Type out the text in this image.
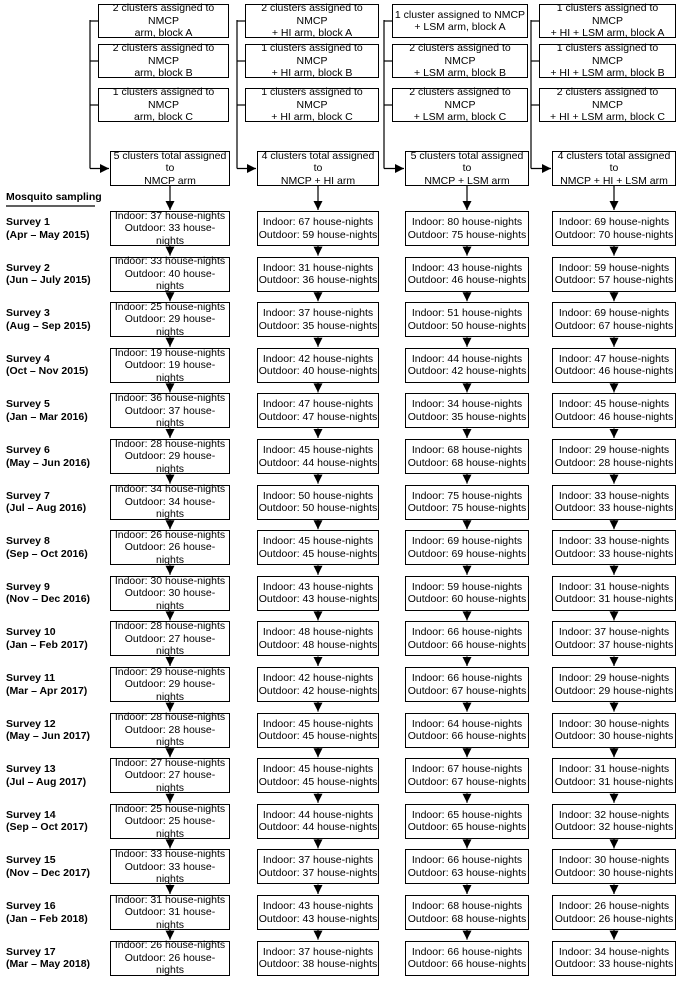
Mosquito sampling
2 clusters assigned to NMCP
arm, block A
2 clusters assigned to NMCP
arm, block B
1 clusters assigned to NMCP
arm, block C
5 clusters total assigned to
NMCP arm
2 clusters assigned to NMCP
+ HI arm, block A
1 clusters assigned to NMCP
+ HI arm, block B
1 clusters assigned to NMCP
+ HI arm, block C
4 clusters total assigned to
NMCP + HI arm
1 cluster assigned to NMCP
+ LSM arm, block A
2 clusters assigned to NMCP
+ LSM arm, block B
2 clusters assigned to NMCP
+ LSM arm, block C
5 clusters total assigned to
NMCP + LSM arm
1 clusters assigned to NMCP
+ HI + LSM arm, block A
1 clusters assigned to NMCP
+ HI + LSM arm, block B
2 clusters assigned to NMCP
+ HI + LSM arm, block C
4 clusters total assigned to
NMCP + HI + LSM arm
Survey 1
(Apr – May 2015)
Indoor: 37 house-nights
Outdoor: 33 house-nights
Indoor: 67 house-nights
Outdoor: 59 house-nights
Indoor: 80 house-nights
Outdoor: 75 house-nights
Indoor: 69 house-nights
Outdoor: 70 house-nights
Survey 2
(Jun – July 2015)
Indoor: 33 house-nights
Outdoor: 40 house-nights
Indoor: 31 house-nights
Outdoor: 36 house-nights
Indoor: 43 house-nights
Outdoor: 46 house-nights
Indoor: 59 house-nights
Outdoor: 57 house-nights
Survey 3
(Aug – Sep 2015)
Indoor: 25 house-nights
Outdoor: 29 house-nights
Indoor: 37 house-nights
Outdoor: 35 house-nights
Indoor: 51 house-nights
Outdoor: 50 house-nights
Indoor: 69 house-nights
Outdoor: 67 house-nights
Survey 4
(Oct – Nov 2015)
Indoor: 19 house-nights
Outdoor: 19 house-nights
Indoor: 42 house-nights
Outdoor: 40 house-nights
Indoor: 44 house-nights
Outdoor: 42 house-nights
Indoor: 47 house-nights
Outdoor: 46 house-nights
Survey 5
(Jan – Mar 2016)
Indoor: 36 house-nights
Outdoor: 37 house-nights
Indoor: 47 house-nights
Outdoor: 47 house-nights
Indoor: 34 house-nights
Outdoor: 35 house-nights
Indoor: 45 house-nights
Outdoor: 46 house-nights
Survey 6
(May – Jun 2016)
Indoor: 28 house-nights
Outdoor: 29 house-nights
Indoor: 45 house-nights
Outdoor: 44 house-nights
Indoor: 68 house-nights
Outdoor: 68 house-nights
Indoor: 29 house-nights
Outdoor: 28 house-nights
Survey 7
(Jul – Aug 2016)
Indoor: 34 house-nights
Outdoor: 34 house-nights
Indoor: 50 house-nights
Outdoor: 50 house-nights
Indoor: 75 house-nights
Outdoor: 75 house-nights
Indoor: 33 house-nights
Outdoor: 33 house-nights
Survey 8
(Sep – Oct 2016)
Indoor: 26 house-nights
Outdoor: 26 house-nights
Indoor: 45 house-nights
Outdoor: 45 house-nights
Indoor: 69 house-nights
Outdoor: 69 house-nights
Indoor: 33 house-nights
Outdoor: 33 house-nights
Survey 9
(Nov – Dec 2016)
Indoor: 30 house-nights
Outdoor: 30 house-nights
Indoor: 43 house-nights
Outdoor: 43 house-nights
Indoor: 59 house-nights
Outdoor: 60 house-nights
Indoor: 31 house-nights
Outdoor: 31 house-nights
Survey 10
(Jan – Feb 2017)
Indoor: 28 house-nights
Outdoor: 27 house-nights
Indoor: 48 house-nights
Outdoor: 48 house-nights
Indoor: 66 house-nights
Outdoor: 66 house-nights
Indoor: 37 house-nights
Outdoor: 37 house-nights
Survey 11
(Mar – Apr 2017)
Indoor: 29 house-nights
Outdoor: 29 house-nights
Indoor: 42 house-nights
Outdoor: 42 house-nights
Indoor: 66 house-nights
Outdoor: 67 house-nights
Indoor: 29 house-nights
Outdoor: 29 house-nights
Survey 12
(May – Jun 2017)
Indoor: 28 house-nights
Outdoor: 28 house-nights
Indoor: 45 house-nights
Outdoor: 45 house-nights
Indoor: 64 house-nights
Outdoor: 66 house-nights
Indoor: 30 house-nights
Outdoor: 30 house-nights
Survey 13
(Jul – Aug 2017)
Indoor: 27 house-nights
Outdoor: 27 house-nights
Indoor: 45 house-nights
Outdoor: 45 house-nights
Indoor: 67 house-nights
Outdoor: 67 house-nights
Indoor: 31 house-nights
Outdoor: 31 house-nights
Survey 14
(Sep – Oct 2017)
Indoor: 25 house-nights
Outdoor: 25 house-nights
Indoor: 44 house-nights
Outdoor: 44 house-nights
Indoor: 65 house-nights
Outdoor: 65 house-nights
Indoor: 32 house-nights
Outdoor: 32 house-nights
Survey 15
(Nov – Dec 2017)
Indoor: 33 house-nights
Outdoor: 33 house-nights
Indoor: 37 house-nights
Outdoor: 37 house-nights
Indoor: 66 house-nights
Outdoor: 63 house-nights
Indoor: 30 house-nights
Outdoor: 30 house-nights
Survey 16
(Jan – Feb 2018)
Indoor: 31 house-nights
Outdoor: 31 house-nights
Indoor: 43 house-nights
Outdoor: 43 house-nights
Indoor: 68 house-nights
Outdoor: 68 house-nights
Indoor: 26 house-nights
Outdoor: 26 house-nights
Survey 17
(Mar – May 2018)
Indoor: 26 house-nights
Outdoor: 26 house-nights
Indoor: 37 house-nights
Outdoor: 38 house-nights
Indoor: 66 house-nights
Outdoor: 66 house-nights
Indoor: 34 house-nights
Outdoor: 33 house-nights
